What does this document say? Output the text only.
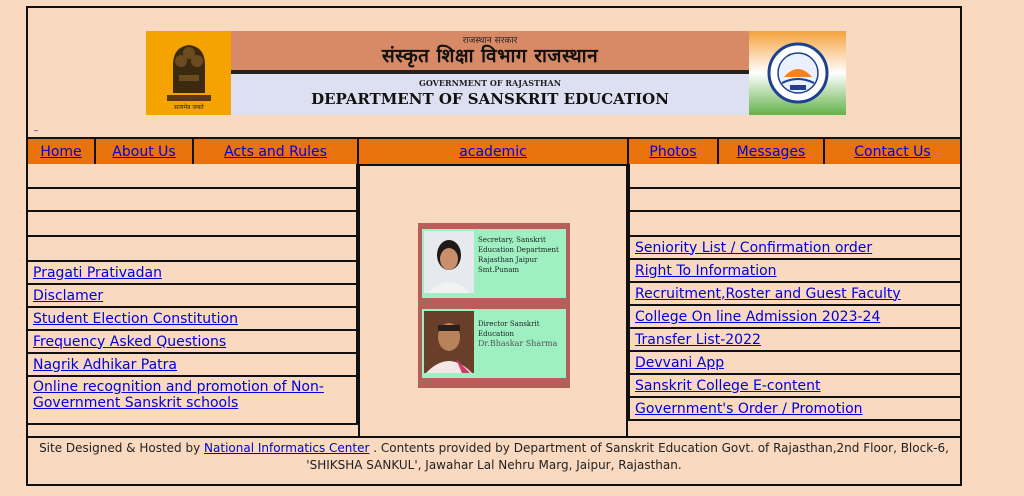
सत्यमेव जयते
राजस्थान सरकार
संस्कृत शिक्षा विभाग राजस्थान
GOVERNMENT OF RAJASTHAN
DEPARTMENT OF SANSKRIT EDUCATION
_
Home	About Us	Acts and Rules	academic	Photos	Messages	Contact Us
Pragati Prativadan
Disclamer
Student Election Constitution
Frequency Asked Questions
Nagrik Adhikar Patra
Online recognition and promotion of Non-Government Sanskrit schools
Secretary, Sanskrit Education Department Rajasthan Jaipur
Smt.Punam
Director Sanskrit Education
Dr.Bhaskar Sharma
Seniority List / Confirmation order
Right To Information
Recruitment,Roster and Guest Faculty
College On line Admission 2023-24
Transfer List-2022
Devvani App
Sanskrit College E-content
Government's Order / Promotion
Site Designed & Hosted by National Informatics Center . Contents provided by Department of Sanskrit Education Govt. of Rajasthan,2nd Floor, Block-6, 'SHIKSHA SANKUL', Jawahar Lal Nehru Marg, Jaipur, Rajasthan.
